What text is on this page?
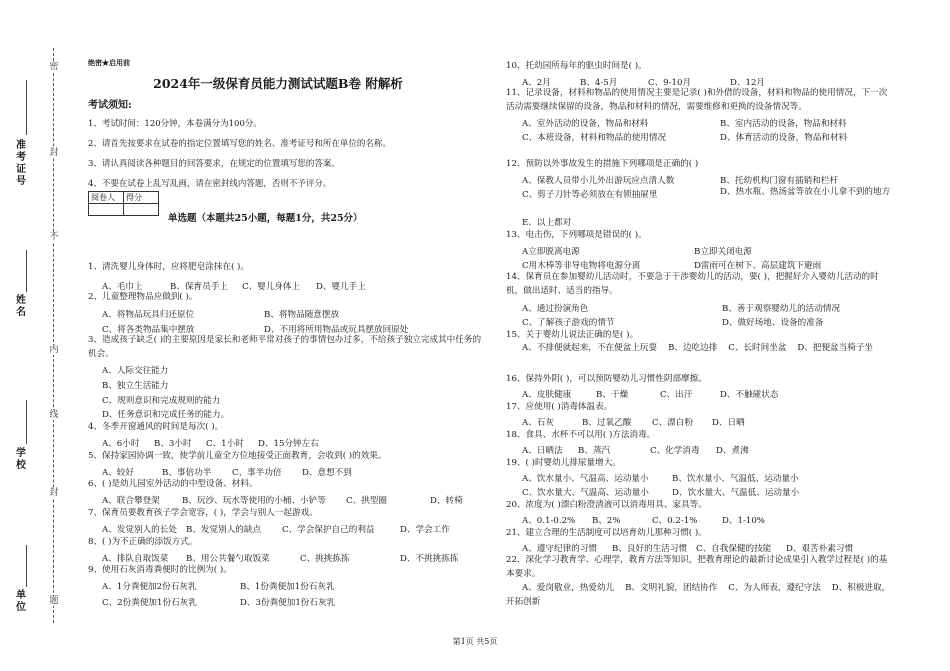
密
封
不
内
线
封
题
准考证号
姓名
学校
单位
绝密★启用前
2024年一级保育员能力测试试题B卷 附解析
考试须知:
1、考试时间：120分钟，本卷满分为100分。
2、请首先按要求在试卷的指定位置填写您的姓名、准考证号和所在单位的名称。
3、请认真阅读各种题目的回答要求，在规定的位置填写您的答案。
4、不要在试卷上乱写乱画，请在密封线内答题，否则不予评分。
阅卷人	得分

单选题（本题共25小题，每题1分，共25分）
1、清洗婴儿身体时，应将肥皂涂抹在( )。
A、毛巾上	B、保育员手上 C、婴儿身体上 D、婴儿手上
2、儿童整理物品应做到( )。
A、将物品玩具归还原位	B、将物品随意摆放
C、将各类物品集中摆放	D、不用将所用物品或玩具摆放回原处
3、造成孩子缺乏( )的主要原因是家长和老师平常对孩子的事情包办过多，不给孩子独立完成其中任务的机会。
A、人际交往能力
B、独立生活能力
C、规则意识和完成规则的能力
D、任务意识和完成任务的能力。
4、冬季开窗通风的时间是每次( )。
A、6小时 B、3小时 C、1小时 D、15分钟左右
5、保持家园协调一致，使学前儿童全方位地接受正面教育，会收到( )的效果。
A、较好	B、事倍功半 C、事半功倍 D、意想不到
6、( )是幼儿园室外活动的中型设备、材料。
A、联合攀登架	B、玩沙、玩水等使用的小桶、小铲等 C、拱型圈	D、转椅
7、保育员要教育孩子学会宽容，( )，学会与别人一起游戏。
A、发觉别人的长处 B、发觉别人的缺点 C、学会保护自己的利益	D、学会工作
8、( )为不正确的添饭方式。
A、排队自取饭菜 B、用公共餐勺取饭菜	C、挑挑拣拣	D、不挑挑拣拣
9、使用石灰消毒粪便时的比例为( )。
A、1分粪便加2份石灰乳	B、1份粪便加1份石灰乳
C、2份粪便加1份石灰乳	D、3份粪便加1份石灰乳
10、托幼园所每年的驱虫时间是( )。
A、2月	B、4-5月	C、9-10月	D、12月
11、记录设备，材料和物品的使用情况主要是记录( )和外借的设备，材料和物品的使用情况，下一次活动需要继续保留的设备，物品和材料的情况，需要维修和更换的设备情况等。
A、室外活动的设备，物品和材料	B、室内活动的设备，物品和材料
C、本班设备，材料和物品的使用情况	D、体育活动的设备，物品和材料
12、预防以外事故发生的措施下列哪项是正确的( )
A、保教人员带小儿外出游玩应点清人数	B、托幼机构门窗有插销和栏杆
C、剪子刀针等必须放在有锁抽屉里	D、热水瓶、热汤盆等放在小儿拿不到的地方
E、以上都对
13、电击伤，下列哪项是错误的( )。
A立即脱离电源	B立即关闭电源
C用木棒等非导电物将电源分离	D雷雨可在树下、高层建筑下避雨
14、保育员在参加婴幼儿活动时，不要急于干涉婴幼儿的活动，要( )，把握好介入婴幼儿活动的时机，做出适时、适当的指导。
A、通过扮演角色	B、善于观察婴幼儿的活动情况
C、了解孩子游戏的情节	D、做好场地、设备的准备
15、关于婴幼儿说法正确的是( )。
A、不排便就起来，不在便盆上玩耍 B、边吃边排 C、长时间坐盆 D、把便盆当椅子坐
16、保持外阴( )，可以预防婴幼儿习惯性阴部摩擦。
A、皮肤健康	B、干燥	C、出汗	D、不触碰状态
17、应使用( )消毒体温表。
A、石灰	B、过氧乙酸 C、漂白粉 D、日晒
18、食具、水杯不可以用( )方法消毒。
A、日晒法 B、蒸汽	C、化学消毒 D、煮沸
19、( )时婴幼儿排尿量增大。
A、饮水量小、气温高、运动量小	B、饮水量小、气温低、运动量小
C、饮水量大、气温高、运动量小	D、饮水量大、气温低、运动量小
20、浓度为( )漂白粉澄清液可以消毒用具、家具等。
A、0.1-0.2% B、2%	C、0.2-1%	D、1-10%
21、建立合理的生活制度可以培育幼儿那种习惯( )。
A、遵守纪律的习惯 B、良好的生活习惯 C、自我保健的技能 D、艰苦朴素习惯
22、深化学习教育学、心理学，教育方法等知识，把教育理论的最新讨论成果引入教学过程是( )的基本要求。
A、爱岗敬业，热爱幼儿 B、文明礼貌，团结协作 C、为人师表，遵纪守法 D、积极进取，开拓创新
第1页 共5页
